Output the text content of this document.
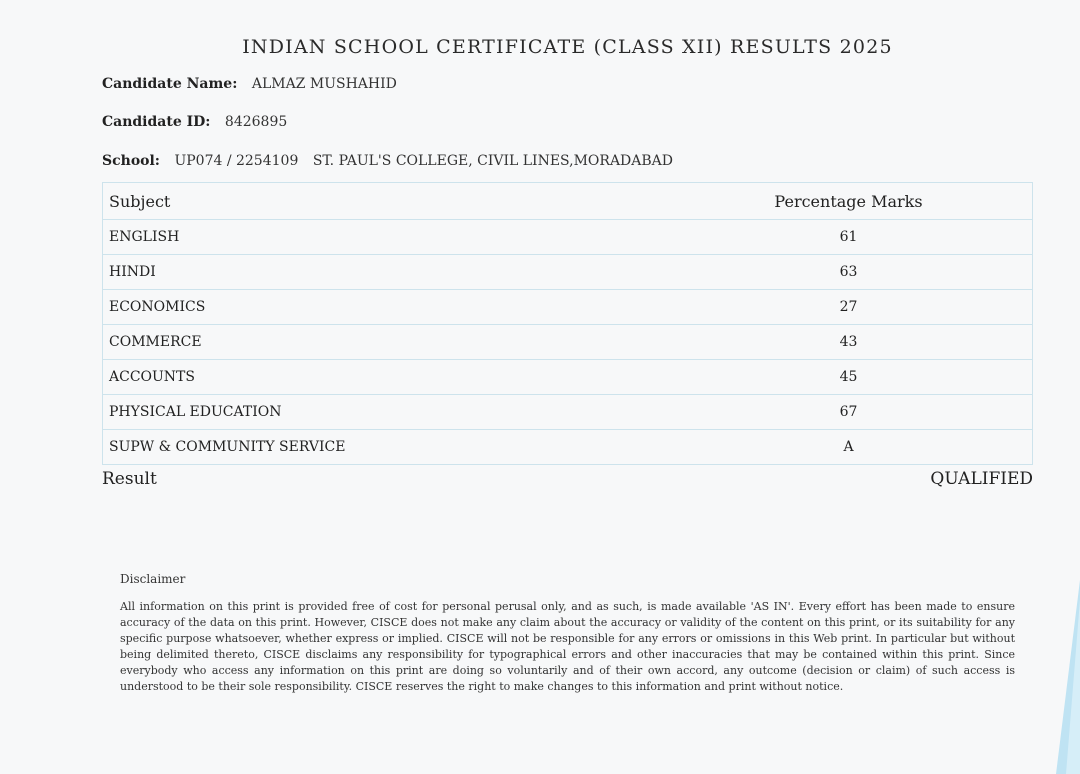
INDIAN SCHOOL CERTIFICATE (CLASS XII) RESULTS 2025
Candidate Name: ALMAZ MUSHAHID
Candidate ID: 8426895
School: UP074 / 2254109 ST. PAUL'S COLLEGE, CIVIL LINES,MORADABAD
Subject	Percentage Marks
ENGLISH	61
HINDI	63
ECONOMICS	27
COMMERCE	43
ACCOUNTS	45
PHYSICAL EDUCATION	67
SUPW & COMMUNITY SERVICE	A
Result	QUALIFIED
Disclaimer

All information on this print is provided free of cost for personal perusal only, and as such, is made available 'AS IN'. Every effort has been made to ensure accuracy of the data on this print. However, CISCE does not make any claim about the accuracy or validity of the content on this print, or its suitability for any specific purpose whatsoever, whether express or implied. CISCE will not be responsible for any errors or omissions in this Web print. In particular but without being delimited thereto, CISCE disclaims any responsibility for typographical errors and other inaccuracies that may be contained within this print. Since everybody who access any information on this print are doing so voluntarily and of their own accord, any outcome (decision or claim) of such access is understood to be their sole responsibility. CISCE reserves the right to make changes to this information and print without notice.
